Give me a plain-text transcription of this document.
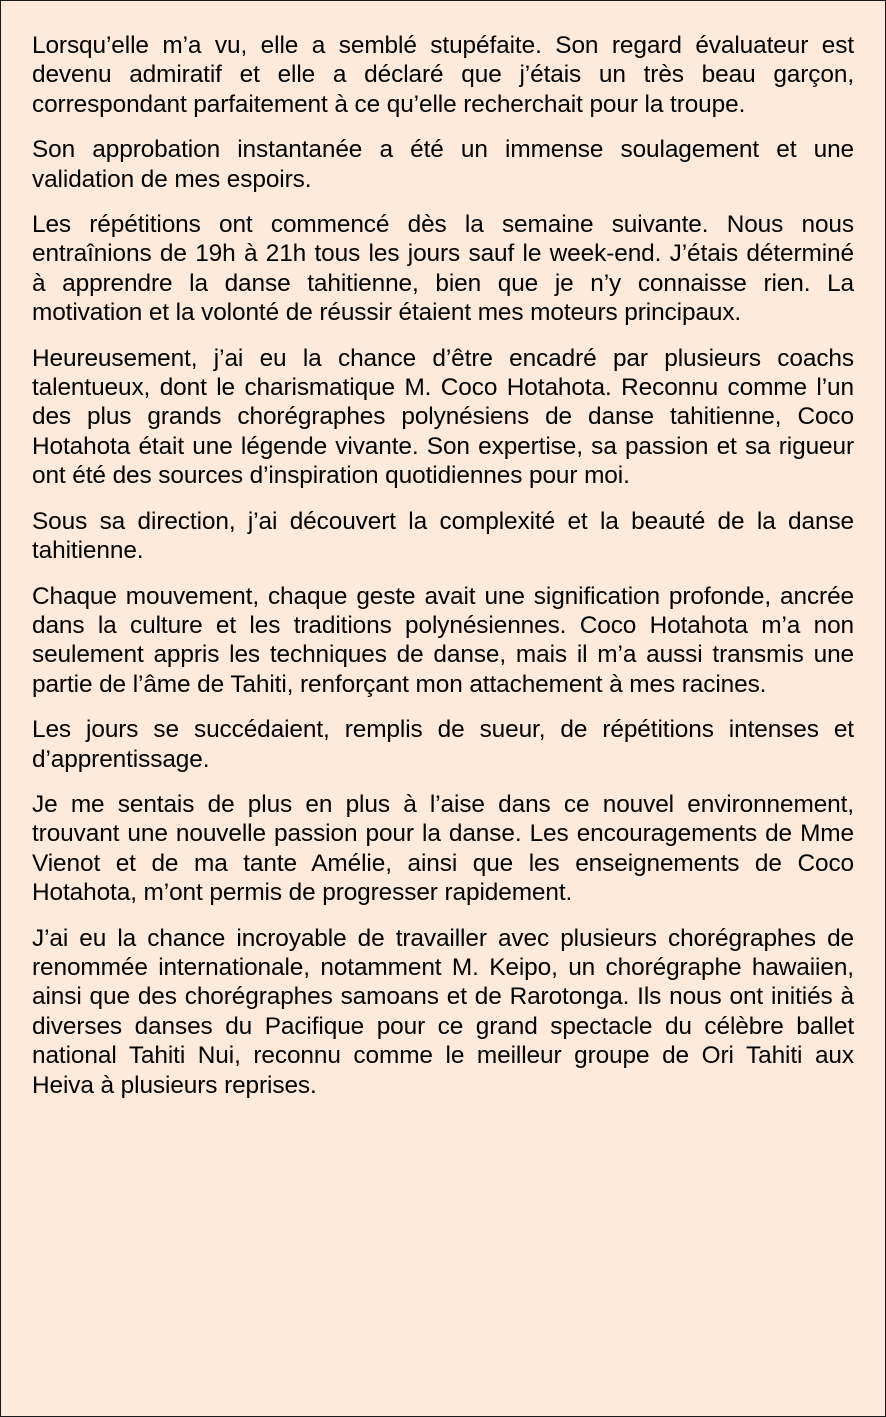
Lorsqu’elle m’a vu, elle a semblé stupéfaite. Son regard évaluateur est devenu admiratif et elle a déclaré que j’étais un très beau garçon, correspondant parfaitement à ce qu’elle recherchait pour la troupe.

Son approbation instantanée a été un immense soulagement et une validation de mes espoirs.

Les répétitions ont commencé dès la semaine suivante. Nous nous entraînions de 19h à 21h tous les jours sauf le week-end. J’étais déterminé à apprendre la danse tahitienne, bien que je n’y connaisse rien. La motivation et la volonté de réussir étaient mes moteurs principaux.

Heureusement, j’ai eu la chance d’être encadré par plusieurs coachs talentueux, dont le charismatique M. Coco Hotahota. Reconnu comme l’un des plus grands chorégraphes polynésiens de danse tahitienne, Coco Hotahota était une légende vivante. Son expertise, sa passion et sa rigueur ont été des sources d’inspiration quotidiennes pour moi.

Sous sa direction, j’ai découvert la complexité et la beauté de la danse tahitienne.

Chaque mouvement, chaque geste avait une signification profonde, ancrée dans la culture et les traditions polynésiennes. Coco Hotahota m’a non seulement appris les techniques de danse, mais il m’a aussi transmis une partie de l’âme de Tahiti, renforçant mon attachement à mes racines.

Les jours se succédaient, remplis de sueur, de répétitions intenses et d’apprentissage.

Je me sentais de plus en plus à l’aise dans ce nouvel environnement, trouvant une nouvelle passion pour la danse. Les encouragements de Mme Vienot et de ma tante Amélie, ainsi que les enseignements de Coco Hotahota, m’ont permis de progresser rapidement.

J’ai eu la chance incroyable de travailler avec plusieurs chorégraphes de renommée internationale, notamment M. Keipo, un chorégraphe hawaiien, ainsi que des chorégraphes samoans et de Rarotonga. Ils nous ont initiés à diverses danses du Pacifique pour ce grand spectacle du célèbre ballet national Tahiti Nui, reconnu comme le meilleur groupe de Ori Tahiti aux Heiva à plusieurs reprises.
